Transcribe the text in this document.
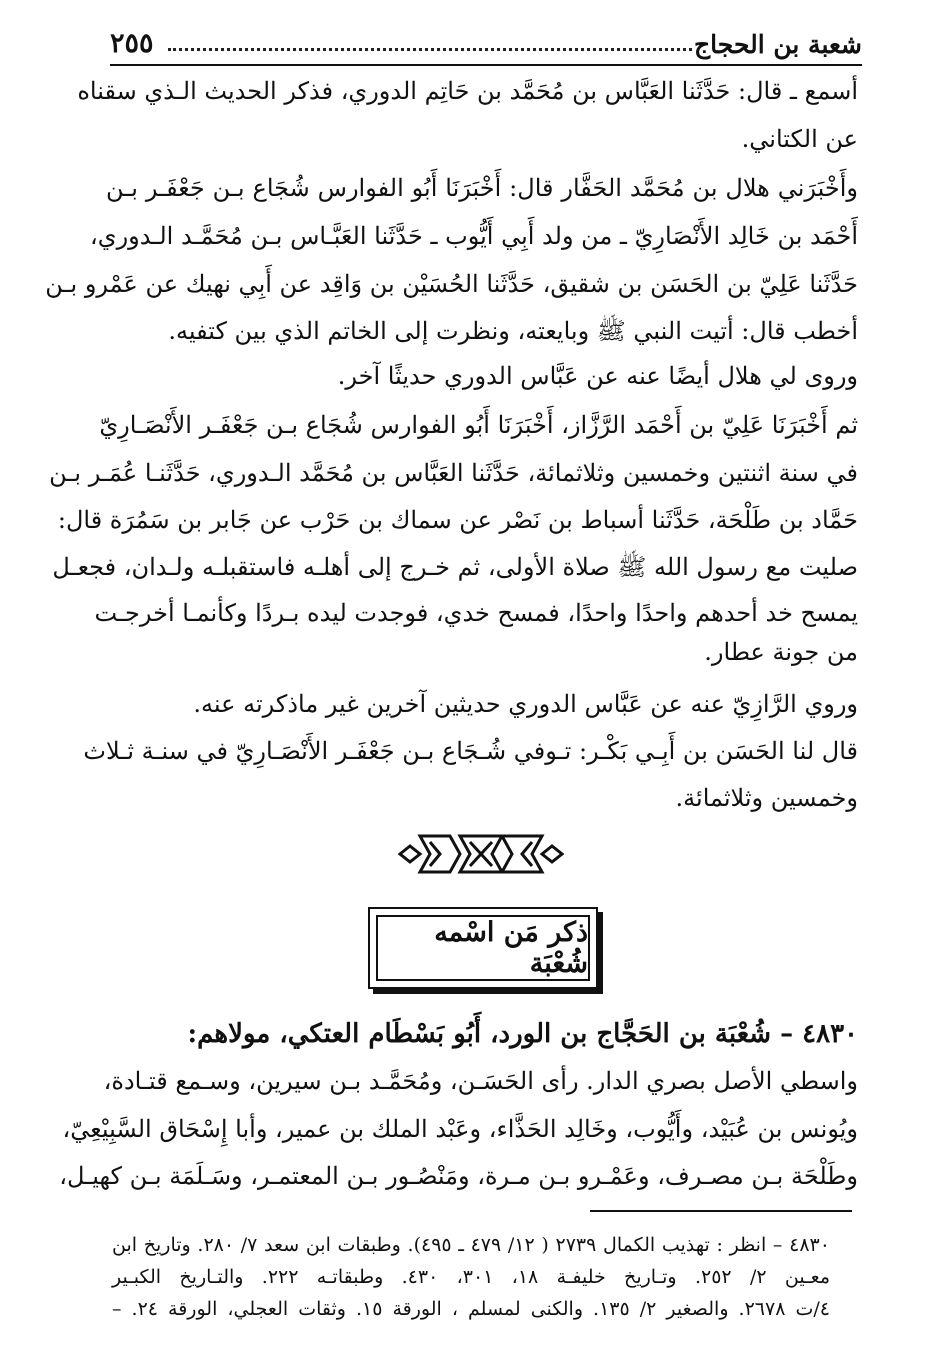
شعبة بن الحجاج
٢٥٥
أسمع ـ قال: حَدَّثَنا العَبَّاس بن مُحَمَّد بن حَاتِم الدوري، فذكر الحديث الـذي سقناه
عن الكتاني.
وأَخْبَرَني هلال بن مُحَمَّد الحَفَّار قال: أَخْبَرَنَا أَبُو الفوارس شُجَاع بـن جَعْفَـر بـن
أَحْمَد بن خَالِد الأَنْصَارِيّ ـ من ولد أَبِي أَيُّوب ـ حَدَّثَنا العَبَّـاس بـن مُحَمَّـد الـدوري،
حَدَّثَنا عَلِيّ بن الحَسَن بن شقيق، حَدَّثَنا الحُسَيْن بن وَاقِد عن أَبِي نهيك عن عَمْرو بـن
أخطب قال: أتيت النبي ﷺ وبايعته، ونظرت إلى الخاتم الذي بين كتفيه.
وروى لي هلال أيضًا عنه عن عَبَّاس الدوري حديثًا آخر.
ثم أَخْبَرَنَا عَلِيّ بن أَحْمَد الرَّزَّاز، أَخْبَرَنَا أَبُو الفوارس شُجَاع بـن جَعْفَـر الأَنْصَـارِيّ
في سنة اثنتين وخمسين وثلاثمائة، حَدَّثَنا العَبَّاس بن مُحَمَّد الـدوري، حَدَّثَنـا عُمَـر بـن
حَمَّاد بن طَلْحَة، حَدَّثَنا أسباط بن نَصْر عن سماك بن حَرْب عن جَابر بن سَمُرَة قال:
صليت مع رسول الله ﷺ صلاة الأولى، ثم خـرج إلى أهلـه فاستقبلـه ولـدان، فجعـل
يمسح خد أحدهم واحدًا واحدًا، فمسح خدي، فوجدت ليده بـردًا وكأنمـا أخرجـت
من جونة عطار.
وروي الرَّازِيّ عنه عن عَبَّاس الدوري حديثين آخرين غير ماذكرته عنه.
قال لنا الحَسَن بن أَبِـي بَكْـر: تـوفي شُـجَاع بـن جَعْفَـر الأَنْصَـارِيّ في سنـة ثـلاث
وخمسين وثلاثمائة.
ذكر مَن اسْمه شُعْبَة
٤٨٣٠ – شُعْبَة بن الحَجَّاج بن الورد، أَبُو بَسْطَام العتكي، مولاهم:
واسطي الأصل بصري الدار. رأى الحَسَـن، ومُحَمَّـد بـن سيرين، وسـمع قتـادة،
ويُونس بن عُبَيْد، وأَيُّوب، وخَالِد الحَذَّاء، وعَبْد الملك بن عمير، وأبا إِسْحَاق السَّبِيْعِيّ،
وطَلْحَة بـن مصـرف، وعَمْـرو بـن مـرة، ومَنْصُـور بـن المعتمـر، وسَـلَمَة بـن كهيـل،
٤٨٣٠ – انظر : تهذيب الكمال ٢٧٣٩ ( ١٢/ ٤٧٩ ـ ٤٩٥). وطبقات ابن سعد ٧/ ٢٨٠. وتاريخ ابن
معـين ٢/ ٢٥٢. وتـاريخ خليفـة ١٨، ٣٠١، ٤٣٠. وطبقاتـه ٢٢٢. والتـاريخ الكبـير
٤/ت ٢٦٧٨. والصغير ٢/ ١٣٥. والكنى لمسلم ، الورقة ١٥. وثقات العجلي، الورقة ٢٤. –
